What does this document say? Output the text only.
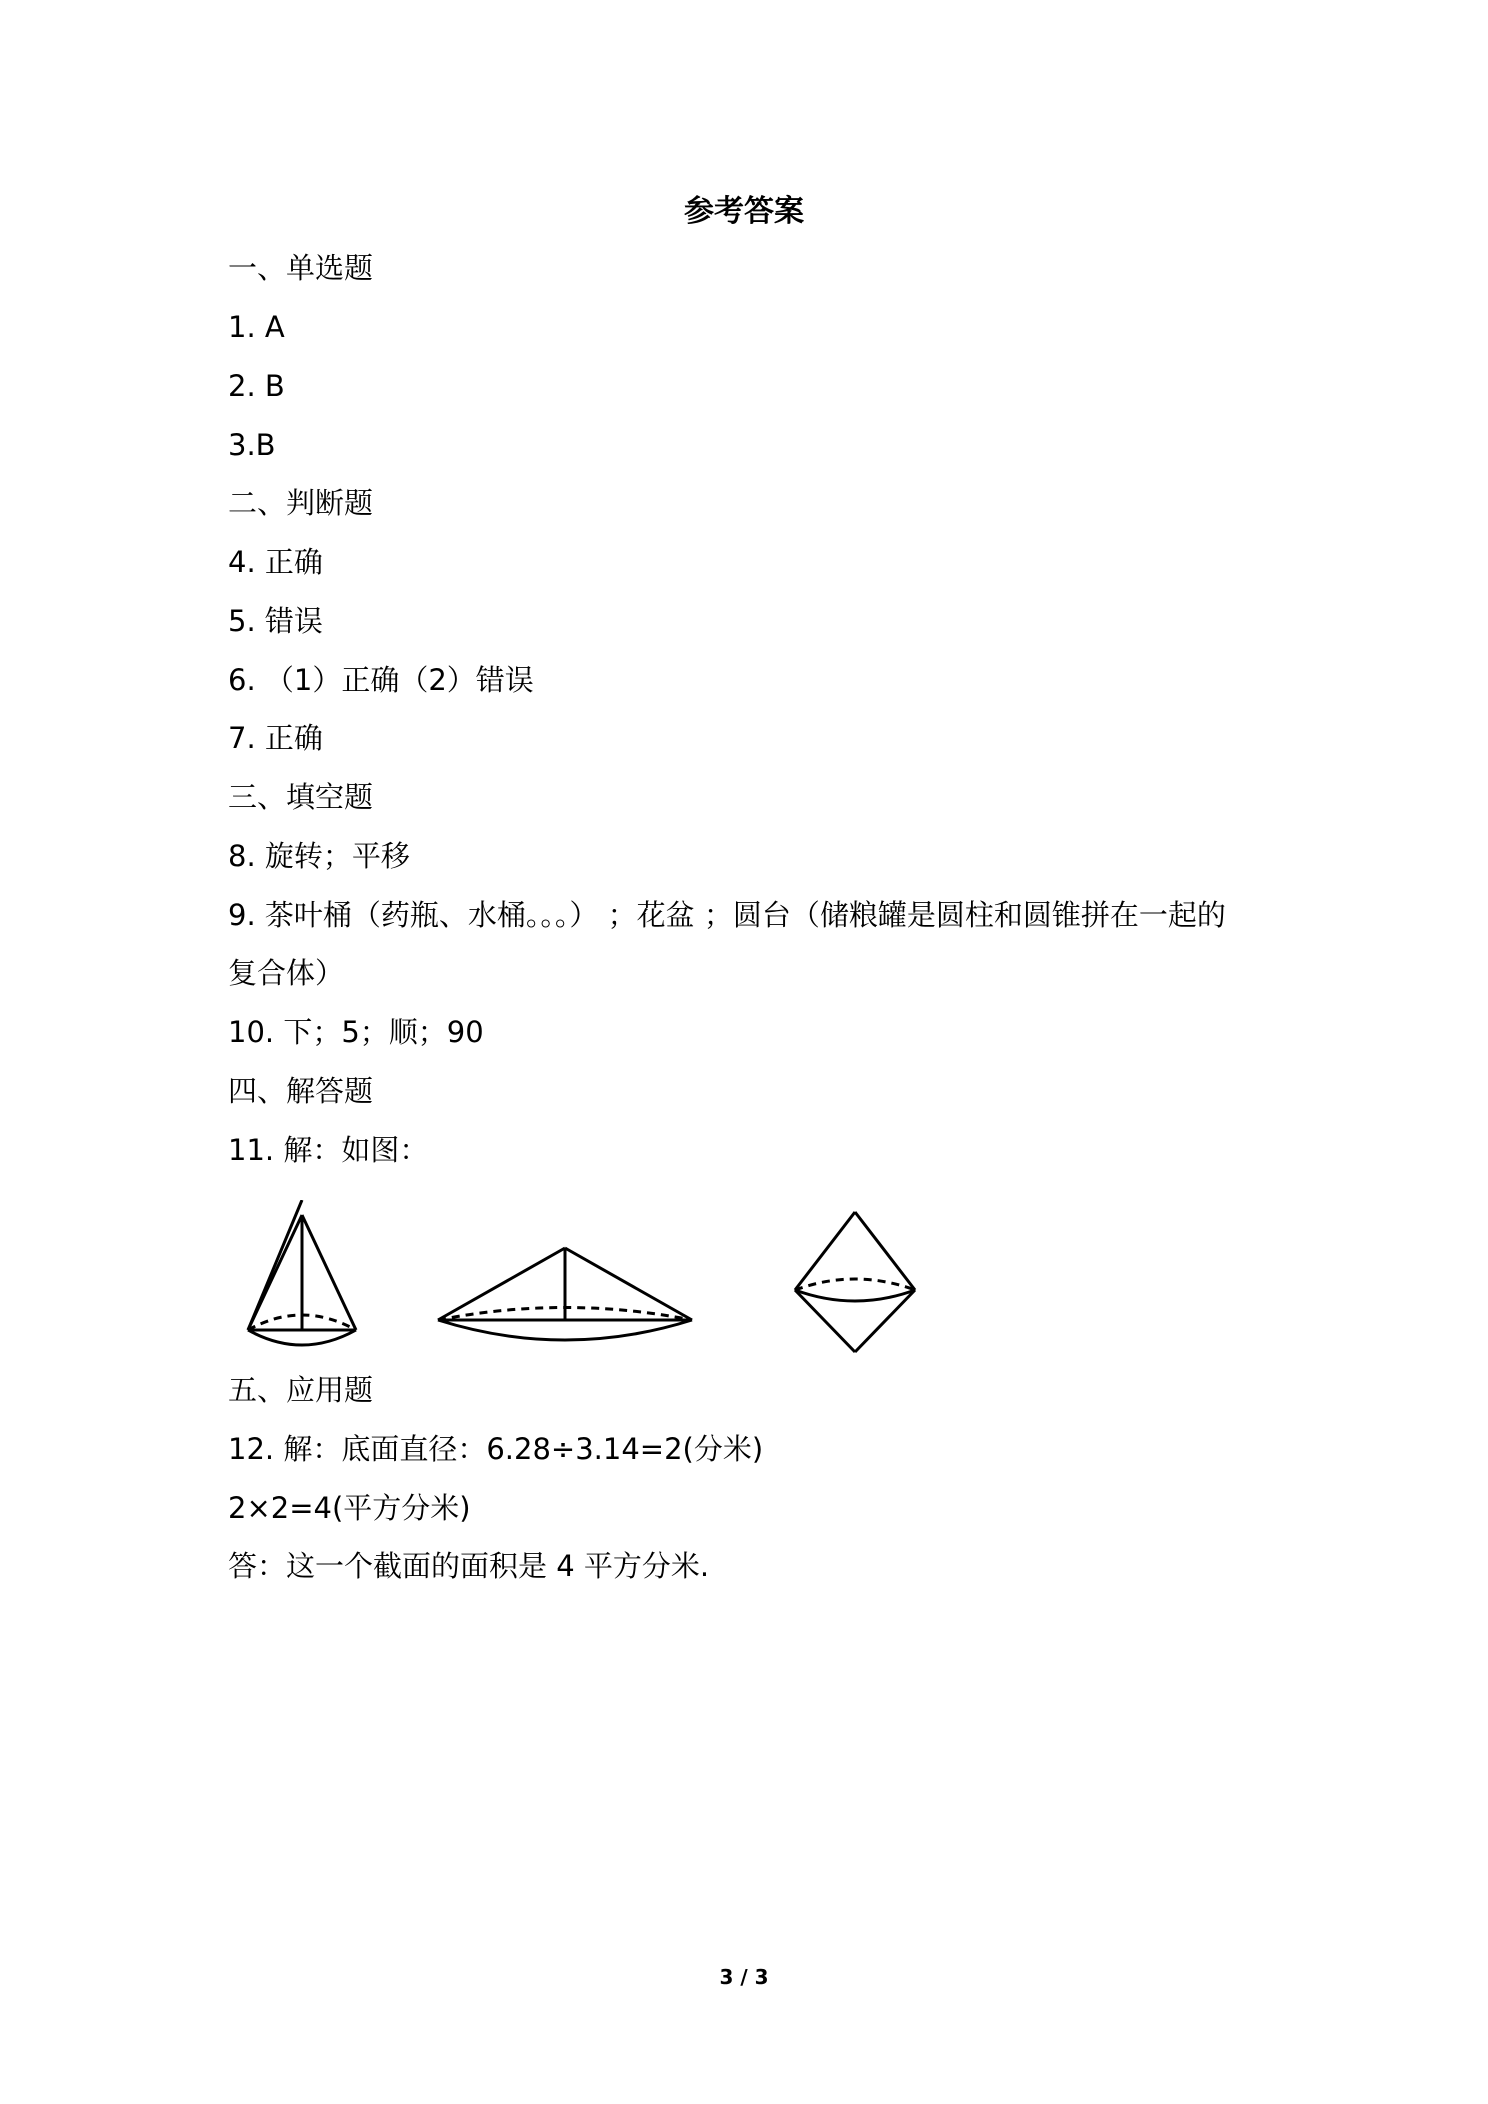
参考答案
一、单选题
1. A
2. B
3.B
二、判断题
4. 正确
5. 错误
6. （1）正确（2）错误
7. 正确
三、填空题
8. 旋转；平移
9. 茶叶桶（药瓶、水桶。。。） ；花盆 ；圆台（储粮罐是圆柱和圆锥拼在一起的
复合体）
10. 下；5；顺；90
四、解答题
11. 解：如图：
五、应用题
12. 解：底面直径：6.28÷3.14=2(分米)
2×2=4(平方分米)
答：这一个截面的面积是 4 平方分米.
3 / 3
